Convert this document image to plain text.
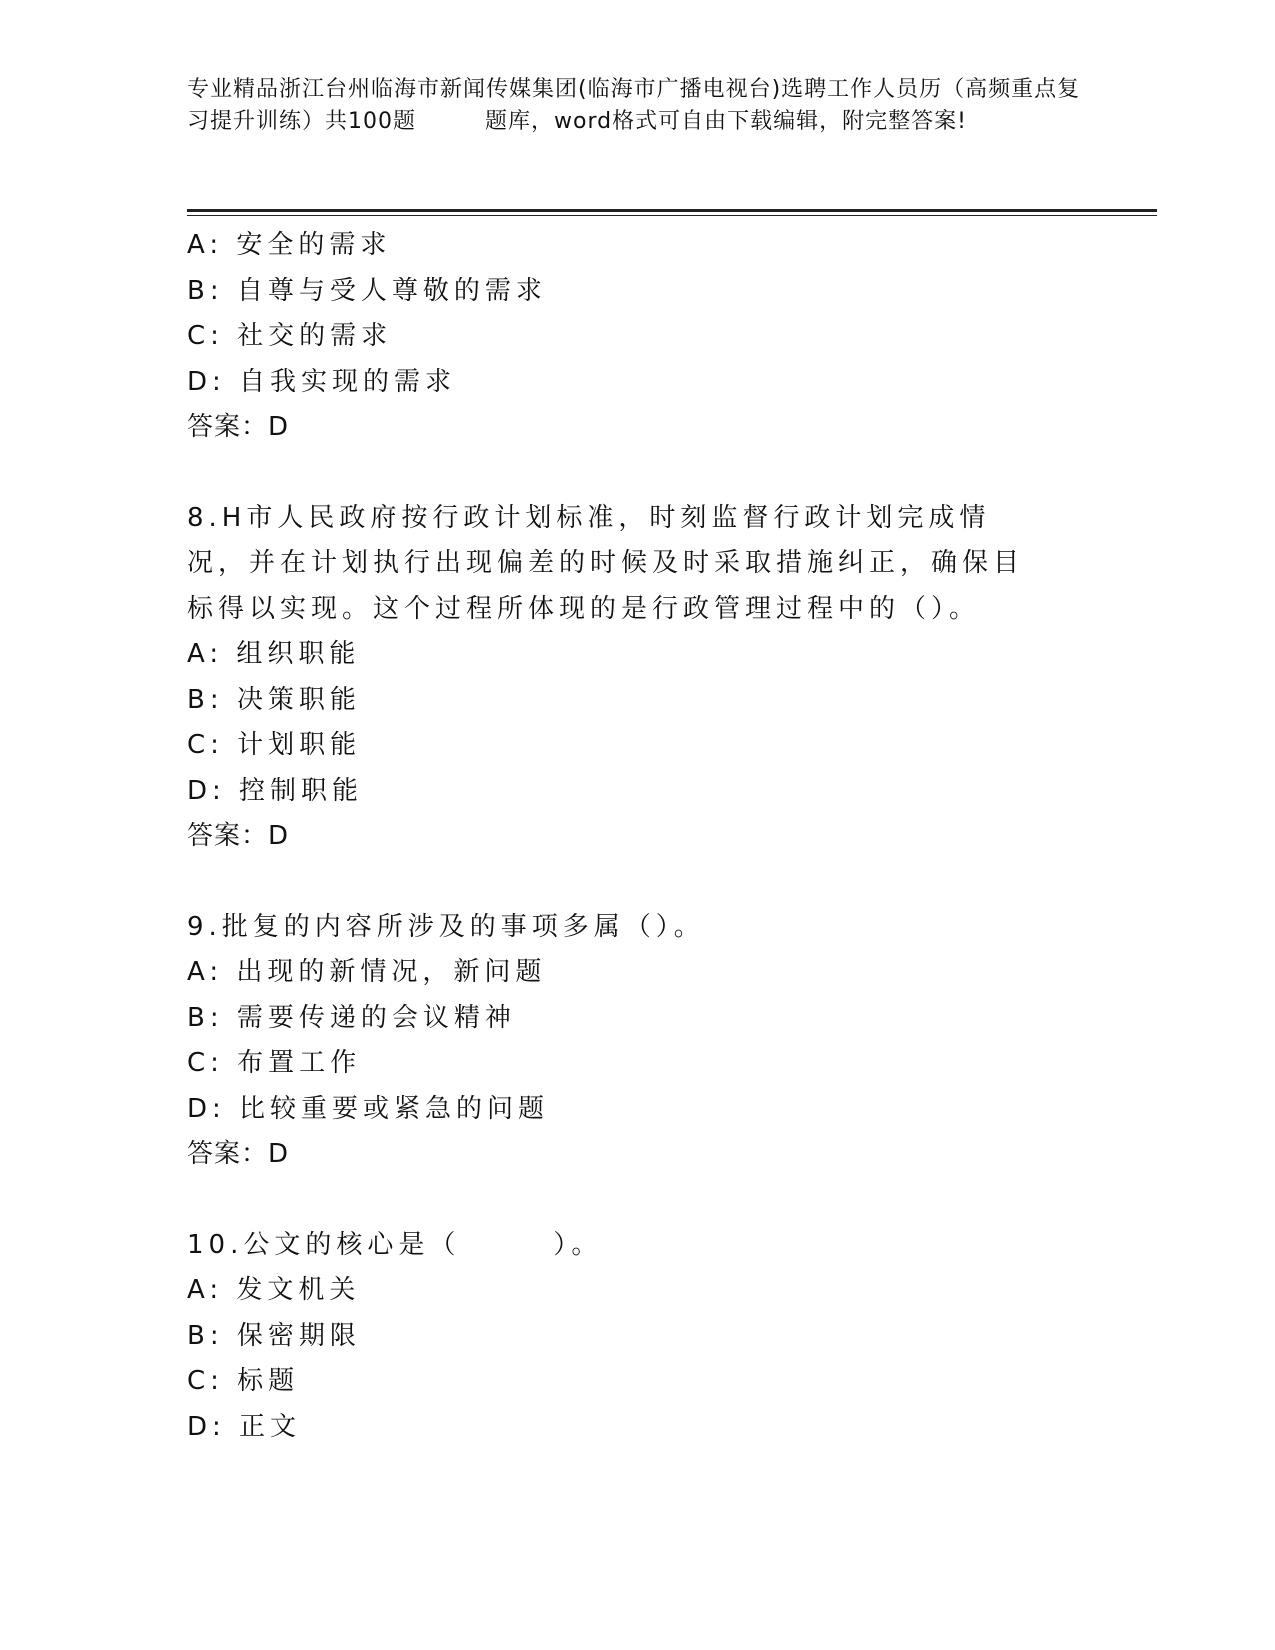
专业精品浙江台州临海市新闻传媒集团(临海市广播电视台)选聘工作人员历（高频重点复习提升训练）共100题　　　题库，word格式可自由下载编辑，附完整答案!
A: 安全的需求
B: 自尊与受人尊敬的需求
C: 社交的需求
D: 自我实现的需求
答案：D
8.H市人民政府按行政计划标准，时刻监督行政计划完成情况，并在计划执行出现偏差的时候及时采取措施纠正，确保目标得以实现。这个过程所体现的是行政管理过程中的（）。
A: 组织职能
B: 决策职能
C: 计划职能
D: 控制职能
答案：D
9.批复的内容所涉及的事项多属（）。
A: 出现的新情况，新问题
B: 需要传递的会议精神
C: 布置工作
D: 比较重要或紧急的问题
答案：D
10.公文的核心是（　　　）。
A: 发文机关
B: 保密期限
C: 标题
D: 正文
